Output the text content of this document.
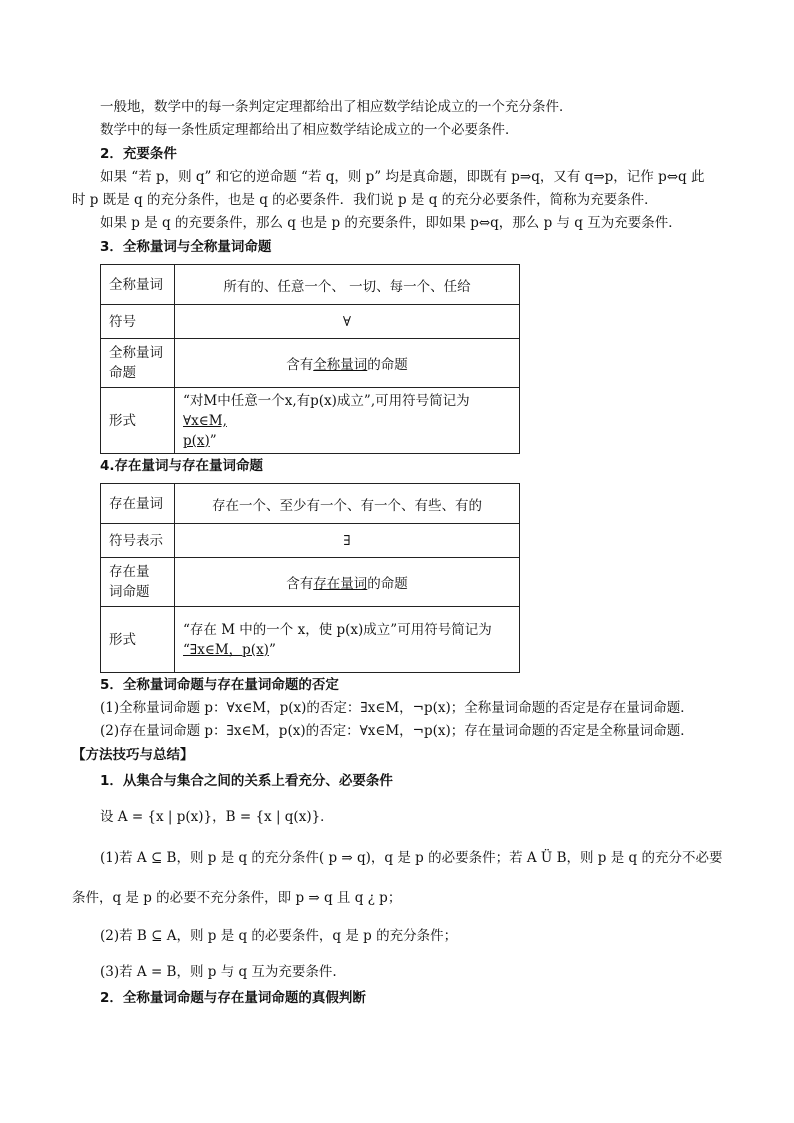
一般地，数学中的每一条判定定理都给出了相应数学结论成立的一个充分条件．
数学中的每一条性质定理都给出了相应数学结论成立的一个必要条件．
2．充要条件
如果 “若 p，则 q” 和它的逆命题 “若 q，则 p” 均是真命题，即既有 p⇒q，又有 q⇒p，记作 p⇔q 此
时 p 既是 q 的充分条件，也是 q 的必要条件．我们说 p 是 q 的充分必要条件，简称为充要条件．
如果 p 是 q 的充要条件，那么 q 也是 p 的充要条件，即如果 p⇔q，那么 p 与 q 互为充要条件．
3．全称量词与全称量词命题
全称量词	所有的、任意一个、 一切、每一个、任给
符号	∀

全称量词
命题	含有全称量词的命题
形式	“对M中任意一个x,有p(x)成立”,可用符号简记为∀x∈M,
p(x)”
4.存在量词与存在量词命题
存在量词	存在一个、至少有一个、有一个、有些、有的
符号表示	∃

存在量
词命题	含有存在量词的命题
形式	“存在 M 中的一个 x，使 p(x)成立”可用符号简记为
“∃x∈M，p(x)”
5．全称量词命题与存在量词命题的否定
(1)全称量词命题 p：∀x∈M，p(x)的否定：∃x∈M，¬p(x)；全称量词命题的否定是存在量词命题．
(2)存在量词命题 p：∃x∈M，p(x)的否定：∀x∈M，¬p(x)；存在量词命题的否定是全称量词命题．
【方法技巧与总结】
1．从集合与集合之间的关系上看充分、必要条件
设 A = {x | p(x)}，B = {x | q(x)}．
(1)若 A ⊆ B，则 p 是 q 的充分条件( p ⇒ q)，q 是 p 的必要条件；若 A Ü B，则 p 是 q 的充分不必要
条件，q 是 p 的必要不充分条件，即 p ⇒ q 且 q ¿ p；
(2)若 B ⊆ A，则 p 是 q 的必要条件，q 是 p 的充分条件；
(3)若 A = B，则 p 与 q 互为充要条件.
2．全称量词命题与存在量词命题的真假判断
